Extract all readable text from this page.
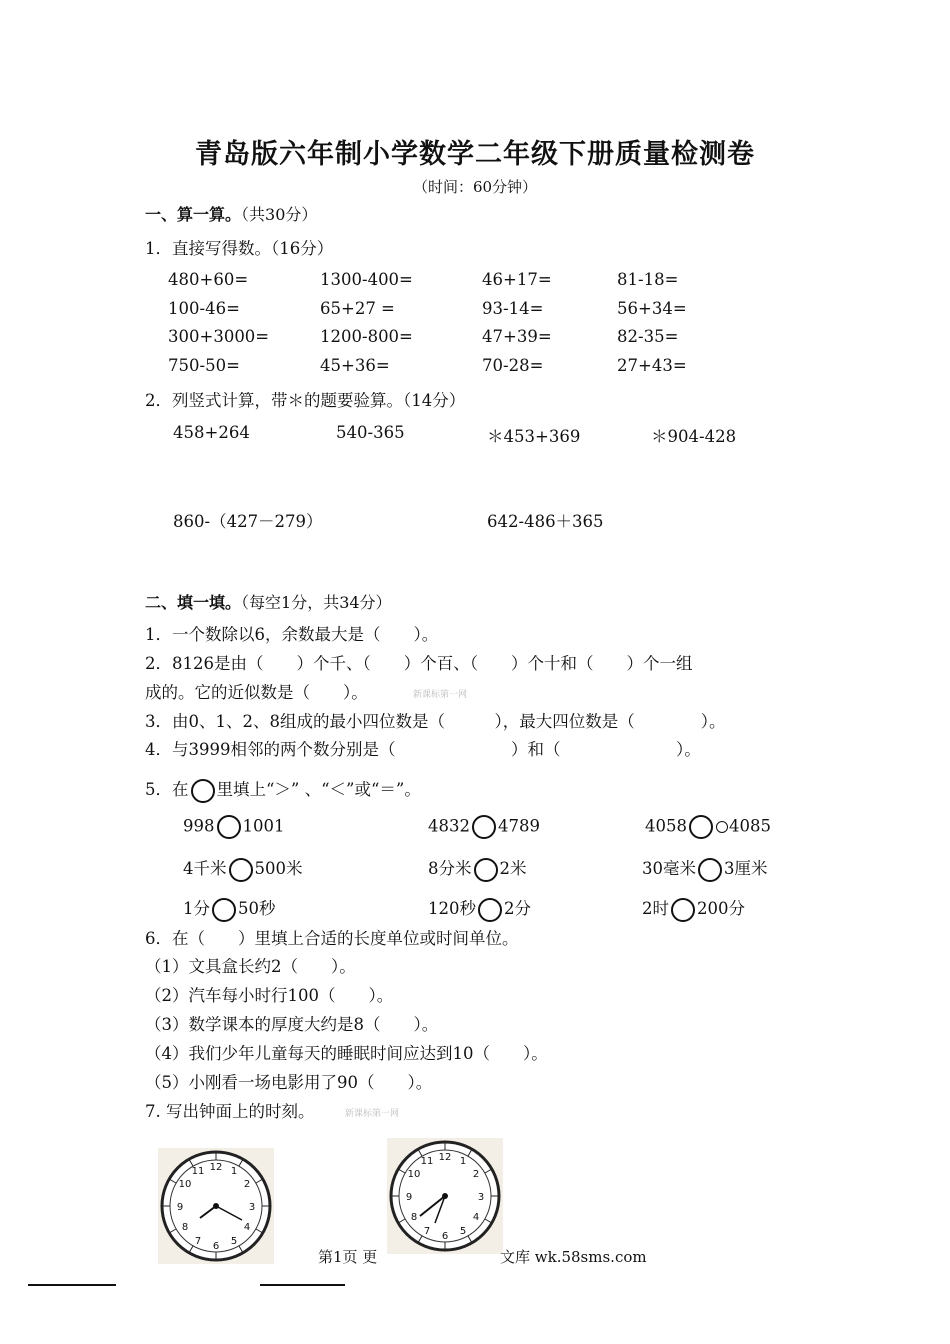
青岛版六年制小学数学二年级下册质量检测卷
（时间：60分钟）
一、算一算。（共30分）
1．直接写得数。（16分）
480+60=	1300-400=	46+17=	81-18=
100-46=	65+27 =	93-14=	56+34=
300+3000=	1200-800=	47+39=	82-35=
750-50=	45+36=	70-28=	27+43=
2．列竖式计算，带＊的题要验算。（14分）
458+264	540-365	＊453+369	＊904-428
860-（427－279）	642-486＋365
二、填一填。（每空1分，共34分）
1．一个数除以6，余数最大是（　　）。
2．8126是由（　　）个千、（　　）个百、（　　）个十和（　　）个一组
成的。它的近似数是（　　）。	新课标第一网
3．由0、1、2、8组成的最小四位数是（　　　），最大四位数是（　　　　）。
4．与3999相邻的两个数分别是（　　　　　　　）和（　　　　　　　）。
5．在 里填上“＞” 、“＜”或“＝”。
998 1001	4832 4789	4058	4085
4千米 500米	8分米 2米	30毫米 3厘米
1分 50秒	120秒 2分	2时 200分
6．在（　　）里填上合适的长度单位或时间单位。
（1）文具盒长约2（　　）。
（2）汽车每小时行100（　　）。
（3）数学课本的厚度大约是8（　　）。
（4）我们少年儿童每天的睡眠时间应达到10（　　）。
（5）小刚看一场电影用了90（　　）。
7. 写出钟面上的时刻。	新课标第一网
12 1
2
3
4
5
6
7
8
9
10
11
12 1
2
3
4
5
6
7
8
9
10
11
第1页 更	文库 wk.58sms.com
